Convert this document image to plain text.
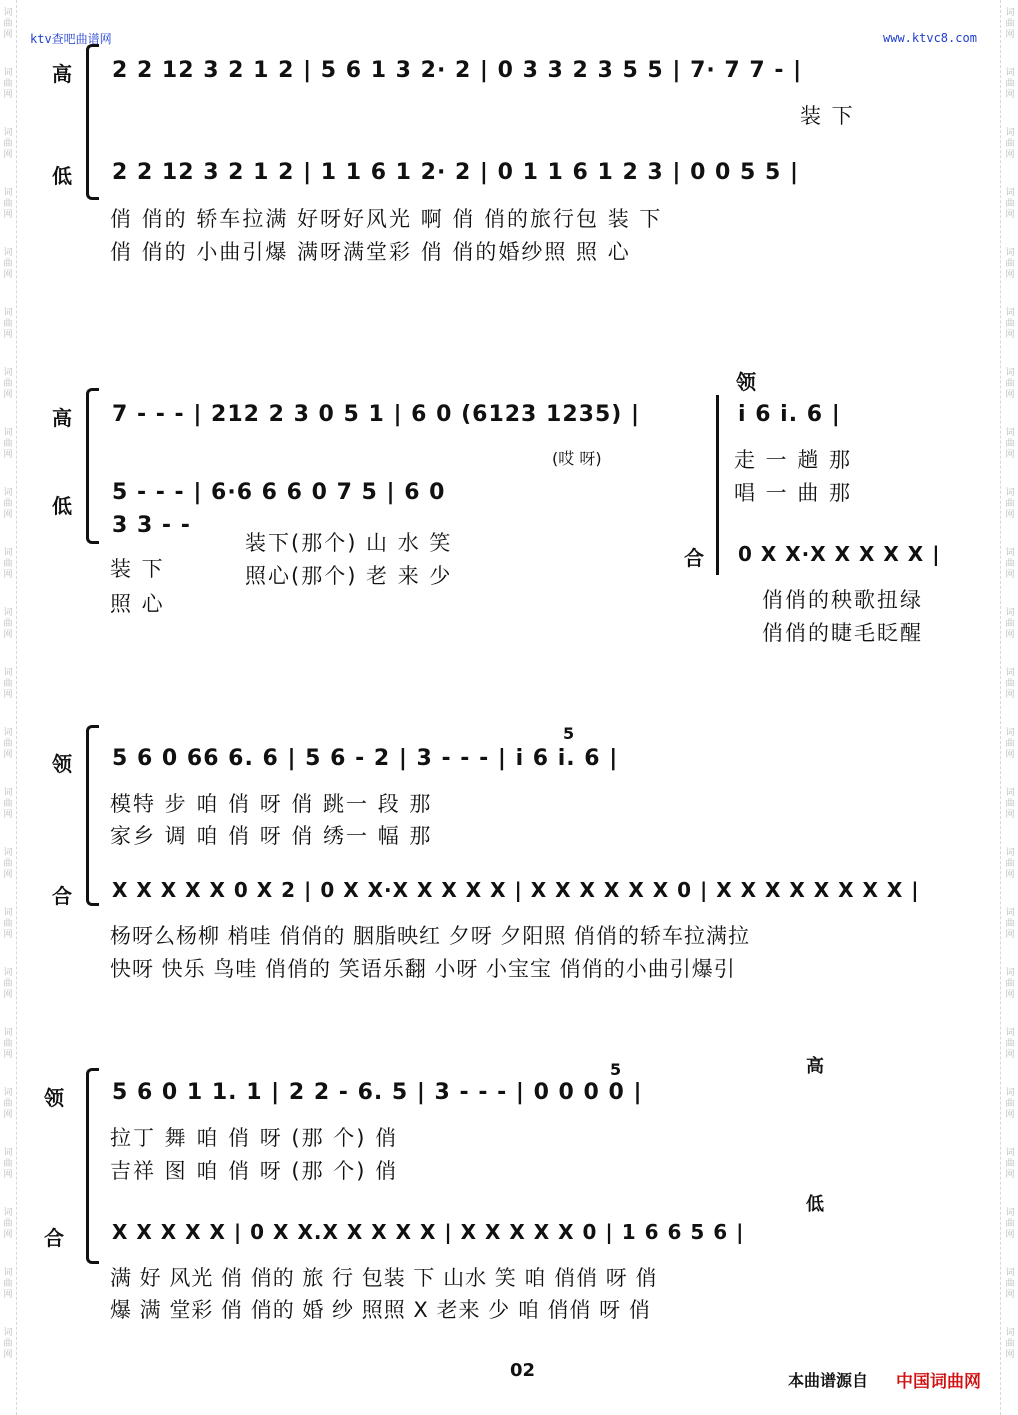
词曲网
词曲网
词曲网
词曲网
词曲网
词曲网
词曲网
词曲网
词曲网
词曲网
词曲网
词曲网
词曲网
词曲网
词曲网
词曲网
词曲网
词曲网
词曲网
词曲网
词曲网
词曲网
词曲网
词曲网
词曲网
词曲网
词曲网
词曲网
词曲网
词曲网
词曲网
词曲网
词曲网
词曲网
词曲网
词曲网
词曲网
词曲网
词曲网
词曲网
词曲网
词曲网
词曲网
词曲网
词曲网
词曲网
ktv查吧曲谱网	www.ktvc8.com
高
低
2 2 12 3 2 1 2 | 5 6 1 3 2· 2 | 0 3 3 2 3 5 5 | 7· 7 7 - |
装 下
2 2 12 3 2 1 2 | 1 1 6 1 2· 2 | 0 1 1 6 1 2 3 | 0 0 5 5 |
俏 俏的 轿车拉满 好呀好风光 啊 俏 俏的旅行包 装 下
俏 俏的 小曲引爆 满呀满堂彩 俏 俏的婚纱照 照 心
高
低
7 - - - | 212 2 3 0 5 1 | 6 0 (6123 1235) |
(哎 呀)
5 - - - | 6·6 6 6 0 7 5 | 6 0
3 3 - -
装下(那个) 山 水 笑
照心(那个) 老 来 少
装 下
照 心
领
i 6 i. 6 |
走 一 趟 那
唱 一 曲 那
合 0 X X·X X X X X |
俏俏的秧歌扭绿
俏俏的睫毛眨醒
领
合
5
5 6 0 66 6. 6 | 5 6 - 2 | 3 - - - | i 6 i. 6 |
模特 步 咱 俏 呀 俏 跳一 段 那
家乡 调 咱 俏 呀 俏 绣一 幅 那
X X X X X 0 X 2 | 0 X X·X X X X X | X X X X X X 0 | X X X X X X X X |
杨呀么杨柳 梢哇 俏俏的 胭脂映红 夕呀 夕阳照 俏俏的轿车拉满拉
快呀 快乐 鸟哇 俏俏的 笑语乐翻 小呀 小宝宝 俏俏的小曲引爆引
领
合
5	高
5 6 0 1 1. 1 | 2 2 - 6. 5 | 3 - - - | 0 0 0 0 |
拉丁 舞 咱 俏 呀 (那 个) 俏
吉祥 图 咱 俏 呀 (那 个) 俏
低
X X X X X | 0 X X.X X X X X | X X X X X 0 | 1 6 6 5 6 |
满 好 风光 俏 俏的 旅 行 包装 下 山水 笑 咱 俏俏 呀 俏
爆 满 堂彩 俏 俏的 婚 纱 照照 X 老来 少 咱 俏俏 呀 俏
02	本曲谱源自 中国词曲网
